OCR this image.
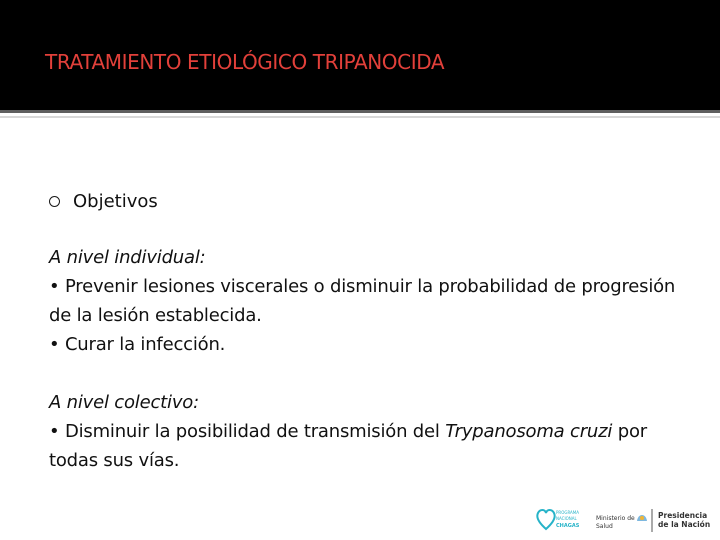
TRATAMIENTO ETIOLÓGICO TRIPANOCIDA
Objetivos

A nivel individual:

• Prevenir lesiones viscerales o disminuir la probabilidad de progresión de la lesión establecida.

• Curar la infección.

A nivel colectivo:

• Disminuir la posibilidad de transmisión del Trypanosoma cruzi por todas sus vías.

PROGRAMA
NACIONAL
CHAGAS
Ministerio de
Salud
Presidencia
de la Nación
